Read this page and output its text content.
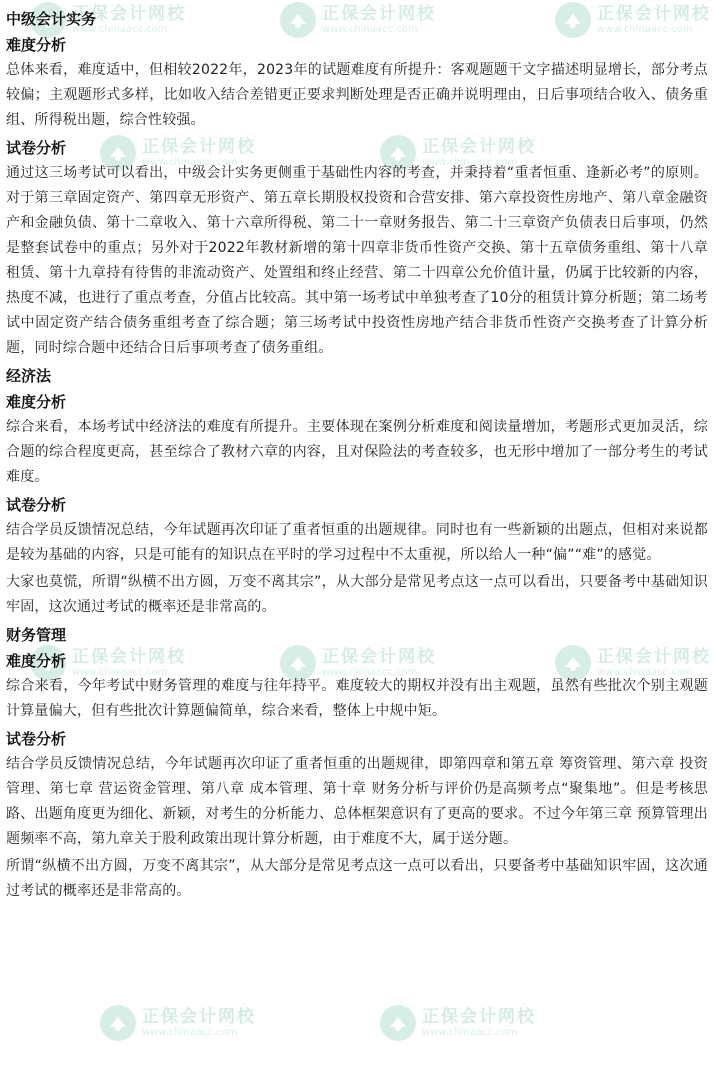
正保会计网校
www.chinaacc.com
正保会计网校
www.chinaacc.com
正保会计网校
www.chinaacc.com
正保会计网校
www.chinaacc.com
正保会计网校
www.chinaacc.com
正保会计网校
www.chinaacc.com
正保会计网校
www.chinaacc.com
正保会计网校
www.chinaacc.com
正保会计网校
www.chinaacc.com
正保会计网校
www.chinaacc.com
中级会计实务
难度分析

总体来看，难度适中，但相较2022年，2023年的试题难度有所提升：客观题题干文字描述明显增长，部分考点较偏；主观题形式多样，比如收入结合差错更正要求判断处理是否正确并说明理由，日后事项结合收入、债务重组、所得税出题，综合性较强。

试卷分析

通过这三场考试可以看出，中级会计实务更侧重于基础性内容的考查，并秉持着“重者恒重、逢新必考”的原则。对于第三章固定资产、第四章无形资产、第五章长期股权投资和合营安排、第六章投资性房地产、第八章金融资产和金融负债、第十二章收入、第十六章所得税、第二十一章财务报告、第二十三章资产负债表日后事项，仍然是整套试卷中的重点；另外对于2022年教材新增的第十四章非货币性资产交换、第十五章债务重组、第十八章租赁、第十九章持有待售的非流动资产、处置组和终止经营、第二十四章公允价值计量，仍属于比较新的内容，热度不减，也进行了重点考查，分值占比较高。其中第一场考试中单独考查了10分的租赁计算分析题；第二场考试中固定资产结合债务重组考查了综合题；第三场考试中投资性房地产结合非货币性资产交换考查了计算分析题，同时综合题中还结合日后事项考查了债务重组。

经济法
难度分析

综合来看，本场考试中经济法的难度有所提升。主要体现在案例分析难度和阅读量增加，考题形式更加灵活，综合题的综合程度更高，甚至综合了教材六章的内容，且对保险法的考查较多，也无形中增加了一部分考生的考试难度。

试卷分析

结合学员反馈情况总结，今年试题再次印证了重者恒重的出题规律。同时也有一些新颖的出题点，但相对来说都是较为基础的内容，只是可能有的知识点在平时的学习过程中不太重视，所以给人一种“偏”“难”的感觉。

大家也莫慌，所谓“纵横不出方圆，万变不离其宗”，从大部分是常见考点这一点可以看出，只要备考中基础知识牢固，这次通过考试的概率还是非常高的。

财务管理
难度分析

综合来看，今年考试中财务管理的难度与往年持平。难度较大的期权并没有出主观题，虽然有些批次个别主观题计算量偏大，但有些批次计算题偏简单，综合来看，整体上中规中矩。

试卷分析

结合学员反馈情况总结，今年试题再次印证了重者恒重的出题规律，即第四章和第五章 筹资管理、第六章 投资管理、第七章 营运资金管理、第八章 成本管理、第十章 财务分析与评价仍是高频考点“聚集地”。但是考核思路、出题角度更为细化、新颖，对考生的分析能力、总体框架意识有了更高的要求。不过今年第三章 预算管理出题频率不高，第九章关于股利政策出现计算分析题，由于难度不大，属于送分题。

所谓“纵横不出方圆，万变不离其宗”，从大部分是常见考点这一点可以看出，只要备考中基础知识牢固，这次通过考试的概率还是非常高的。
